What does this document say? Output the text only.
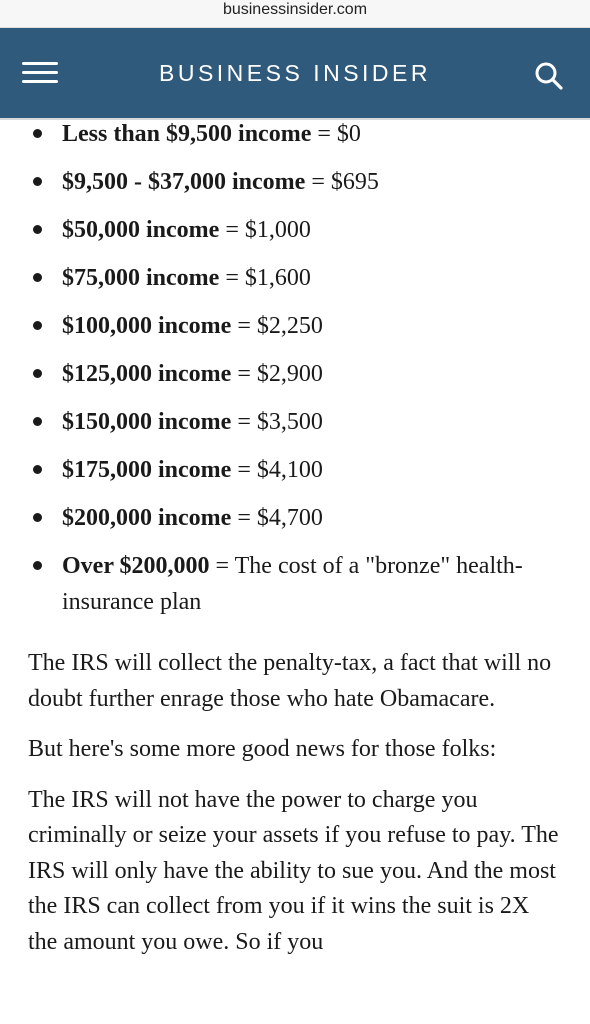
businessinsider.com
BUSINESS INSIDER
Less than $9,500 income = $0
$9,500 - $37,000 income = $695
$50,000 income = $1,000
$75,000 income = $1,600
$100,000 income = $2,250
$125,000 income = $2,900
$150,000 income = $3,500
$175,000 income = $4,100
$200,000 income = $4,700
Over $200,000 = The cost of a "bronze" health-insurance plan

The IRS will collect the penalty-tax, a fact that will no doubt further enrage those who hate Obamacare.

But here's some more good news for those folks:

The IRS will not have the power to charge you criminally or seize your assets if you refuse to pay. The IRS will only have the ability to sue you. And the most the IRS can collect from you if it wins the suit is 2X the amount you owe. So if you
